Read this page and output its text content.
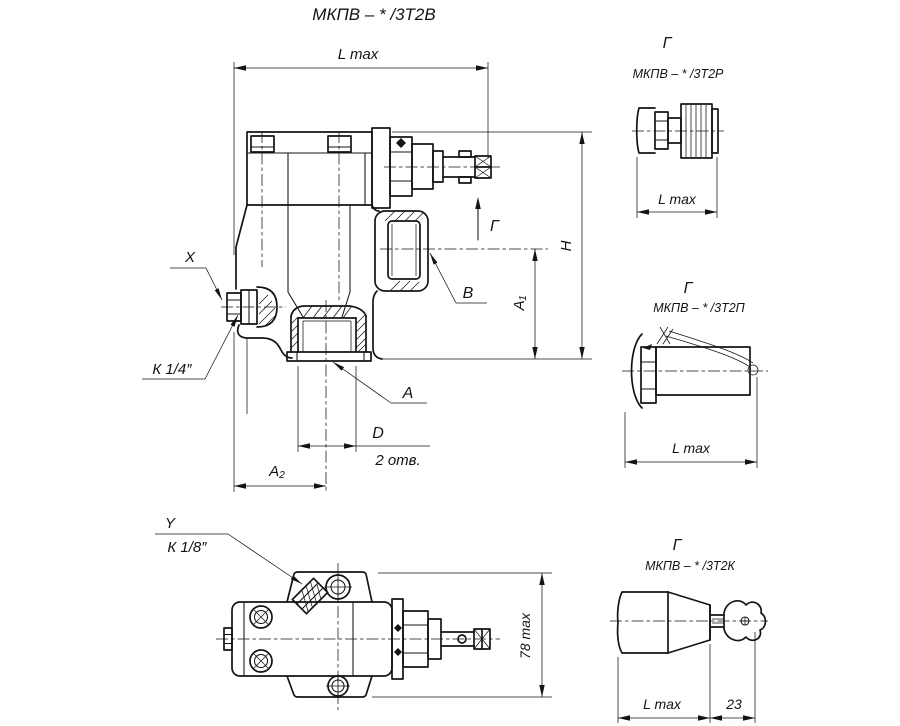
МКПВ – * /3Т2В
L max
Н
А₁
А₂
D
2 отв.
X
К 1/4″
В
А
Г
78 max
Y
К 1/8″
Г
МКПВ – * /3Т2Р
L max
Г
МКПВ – * /3Т2П
L max
Г
МКПВ – * /3Т2К
L max	23
